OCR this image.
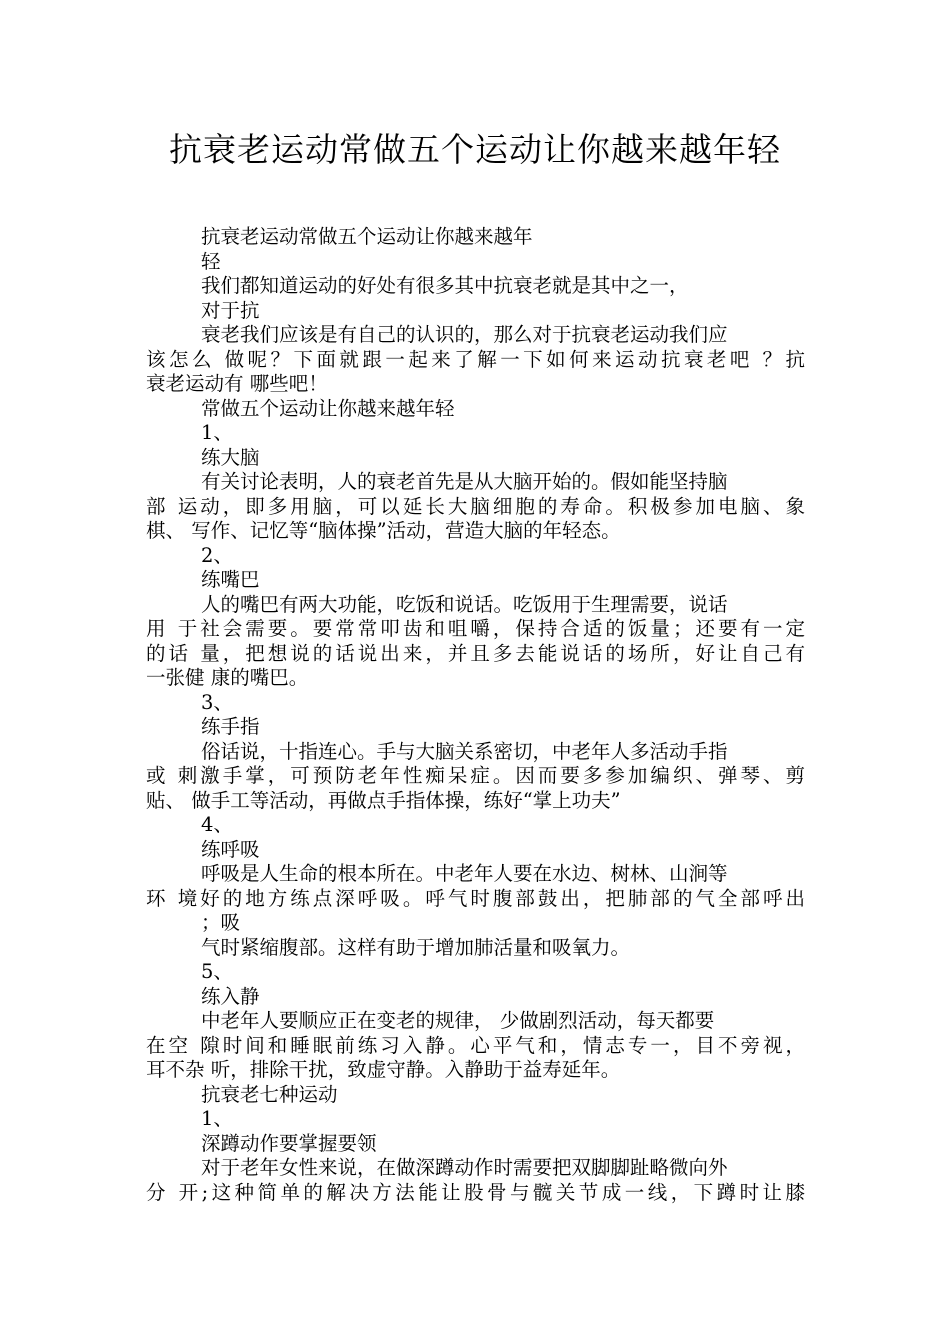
抗衰老运动常做五个运动让你越来越年轻
抗衰老运动常做五个运动让你越来越年
轻
我们都知道运动的好处有很多其中抗衰老就是其中之一，
对于抗
衰老我们应该是有自己的认识的，那么对于抗衰老运动我们应
该怎么 做呢？下面就跟一起来了解一下如何来运动抗衰老吧 ？抗
衰老运动有 哪些吧！
常做五个运动让你越来越年轻
1、
练大脑
有关讨论表明，人的衰老首先是从大脑开始的。假如能坚持脑
部 运动，即多用脑，可以延长大脑细胞的寿命。积极参加电脑、象
棋、 写作、记忆等“脑体操”活动，营造大脑的年轻态。
2、
练嘴巴
人的嘴巴有两大功能，吃饭和说话。吃饭用于生理需要，说话
用 于社会需要。要常常叩齿和咀嚼，保持合适的饭量；还要有一定
的话 量，把想说的话说出来，并且多去能说话的场所，好让自己有
一张健 康的嘴巴。
3、
练手指
俗话说，十指连心。手与大脑关系密切，中老年人多活动手指
或 刺激手掌，可预防老年性痴呆症。因而要多参加编织、弹琴、剪
贴、 做手工等活动，再做点手指体操，练好“掌上功夫”
4、
练呼吸
呼吸是人生命的根本所在。中老年人要在水边、树林、山涧等
环 境好的地方练点深呼吸。呼气时腹部鼓出，把肺部的气全部呼出
；吸
气时紧缩腹部。这样有助于增加肺活量和吸氧力。
5、
练入静
中老年人要顺应正在变老的规律， 少做剧烈活动，每天都要
在空 隙时间和睡眠前练习入静。心平气和，情志专一，目不旁视，
耳不杂 听，排除干扰，致虚守静。入静助于益寿延年。
抗衰老七种运动
1、
深蹲动作要掌握要领
对于老年女性来说，在做深蹲动作时需要把双脚脚趾略微向外
分 开;这种简单的解决方法能让股骨与髋关节成一线，下蹲时让膝
